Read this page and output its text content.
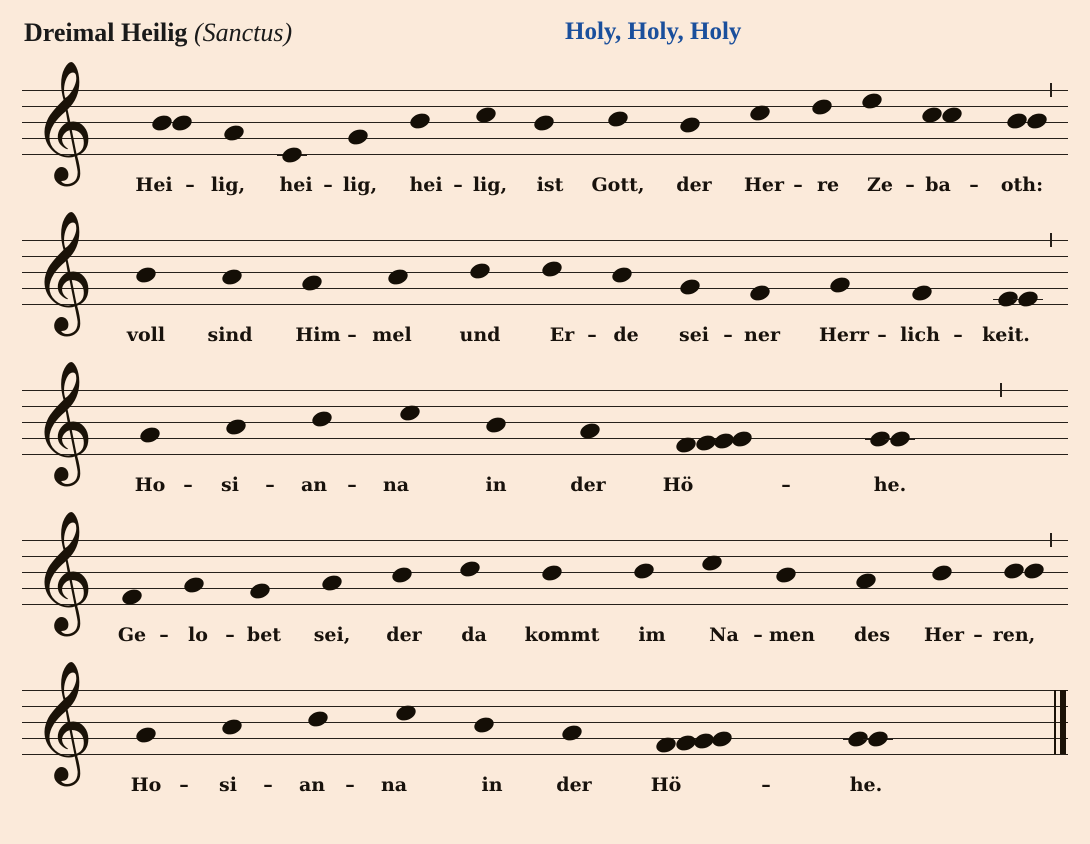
Dreimal Heilig (Sanctus)	Holy, Holy, Holy
𝄞
Hei – lig, hei – lig, hei – lig, ist Gott, der Her – re Ze – ba – oth:
𝄞
voll sind Him – mel	und	Er – de sei – ner Herr – lich – keit.
𝄞
Ho – si – an – na	in	der	Hö	–	he.
𝄞
Ge – lo – bet sei, der da kommt im Na – men des Her – ren,
𝄞
Ho – si – an – na	in	der	Hö	–	he.
